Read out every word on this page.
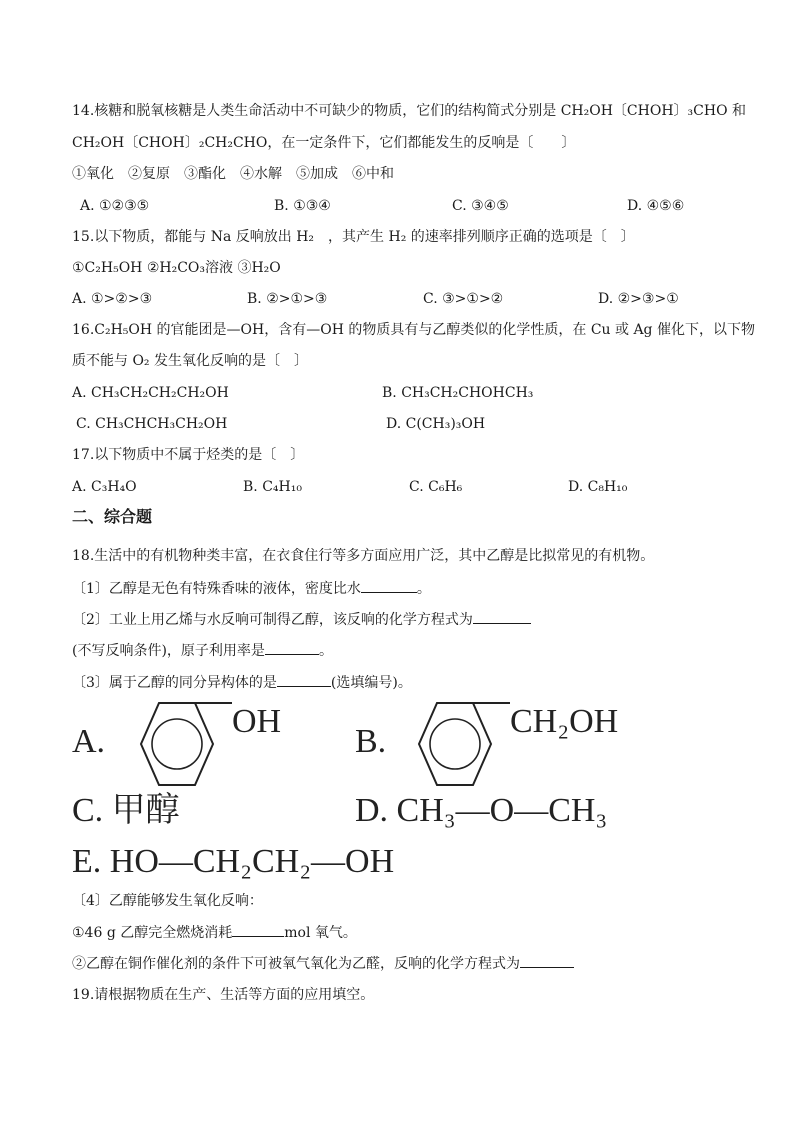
14.核糖和脱氧核糖是人类生命活动中不可缺少的物质，它们的结构简式分别是 CH₂OH〔CHOH〕₃CHO 和
CH₂OH〔CHOH〕₂CH₂CHO，在一定条件下，它们都能发生的反响是〔　　〕
①氧化　②复原　③酯化　④水解　⑤加成　⑥中和
A. ①②③⑤	B. ①③④	C. ③④⑤	D. ④⑤⑥
15.以下物质，都能与 Na 反响放出 H₂　，其产生 H₂ 的速率排列顺序正确的选项是〔　〕
①C₂H₅OH ②H₂CO₃溶液 ③H₂O
A. ①>②>③	B. ②>①>③	C. ③>①>②	D. ②>③>①
16.C₂H₅OH 的官能团是—OH，含有—OH 的物质具有与乙醇类似的化学性质，在 Cu 或 Ag 催化下，以下物
质不能与 O₂ 发生氧化反响的是〔　〕
A. CH₃CH₂CH₂CH₂OH	B. CH₃CH₂CHOHCH₃
C. CH₃CHCH₃CH₂OH	D. C(CH₃)₃OH
17.以下物质中不属于烃类的是〔　〕
A. C₃H₄O	B. C₄H₁₀	C. C₆H₆	D. C₈H₁₀
二、综合题
18.生活中的有机物种类丰富，在衣食住行等多方面应用广泛，其中乙醇是比拟常见的有机物。
〔1〕乙醇是无色有特殊香味的液体，密度比水	。
〔2〕工业上用乙烯与水反响可制得乙醇，该反响的化学方程式为
(不写反响条件)，原子利用率是	。
〔3〕属于乙醇的同分异构体的是	(选填编号)。
A.
OH
B.
CH₂OH
C. 甲醇	D. CH₃—O—CH₃
E. HO—CH₂CH₂—OH
〔4〕乙醇能够发生氧化反响：
①46 g 乙醇完全燃烧消耗	mol 氧气。
②乙醇在铜作催化剂的条件下可被氧气氧化为乙醛，反响的化学方程式为
19.请根据物质在生产、生活等方面的应用填空。
